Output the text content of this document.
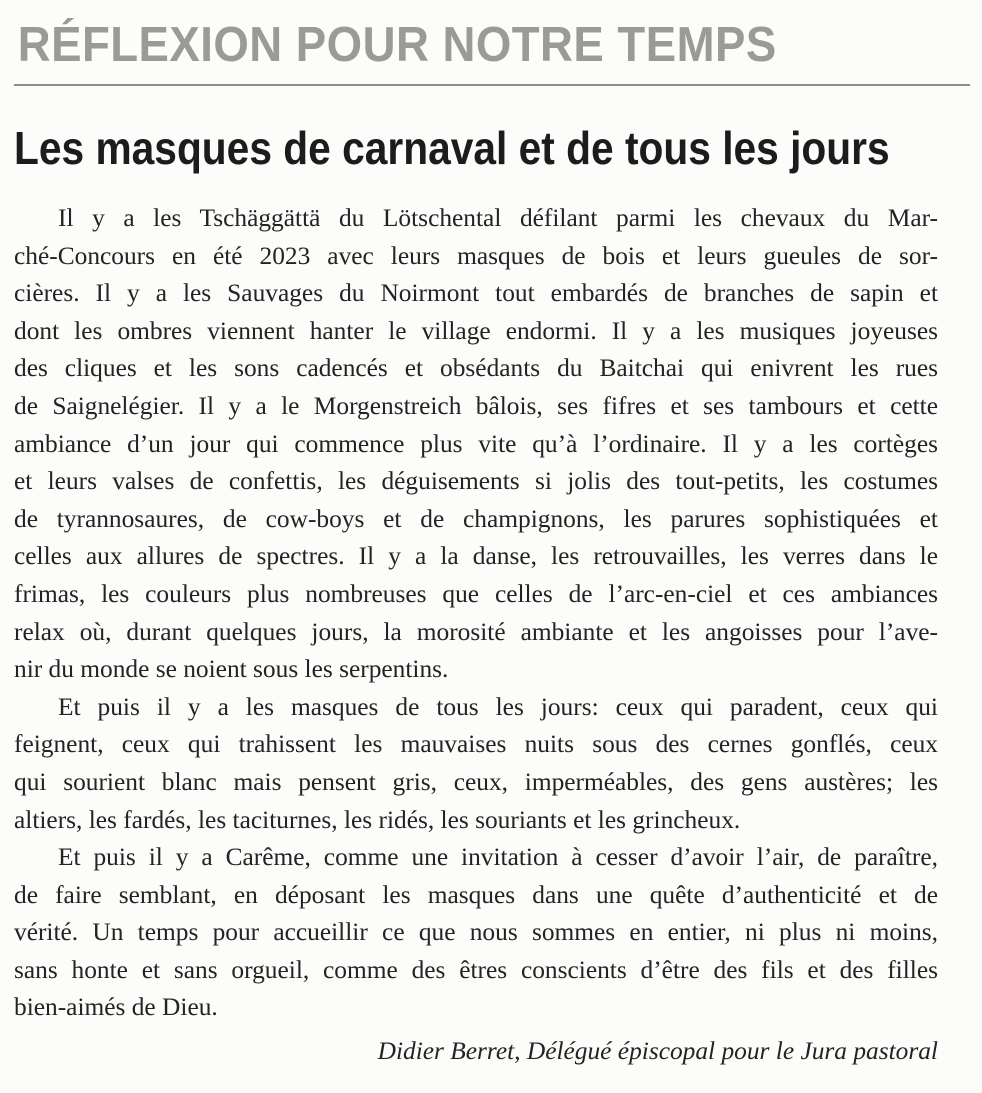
RÉFLEXION POUR NOTRE TEMPS
Les masques de carnaval et de tous les jours
Il y a les Tschäggättä du Lötschental défilant parmi les chevaux du Mar-
ché-Concours en été 2023 avec leurs masques de bois et leurs gueules de sor-
cières. Il y a les Sauvages du Noirmont tout embardés de branches de sapin et
dont les ombres viennent hanter le village endormi. Il y a les musiques joyeuses
des cliques et les sons cadencés et obsédants du Baitchai qui enivrent les rues
de Saignelégier. Il y a le Morgenstreich bâlois, ses fifres et ses tambours et cette
ambiance d’un jour qui commence plus vite qu’à l’ordinaire. Il y a les cortèges
et leurs valses de confettis, les déguisements si jolis des tout-petits, les costumes
de tyrannosaures, de cow-boys et de champignons, les parures sophistiquées et
celles aux allures de spectres. Il y a la danse, les retrouvailles, les verres dans le
frimas, les couleurs plus nombreuses que celles de l’arc-en-ciel et ces ambiances
relax où, durant quelques jours, la morosité ambiante et les angoisses pour l’ave-
nir du monde se noient sous les serpentins.
Et puis il y a les masques de tous les jours: ceux qui paradent, ceux qui
feignent, ceux qui trahissent les mauvaises nuits sous des cernes gonflés, ceux
qui sourient blanc mais pensent gris, ceux, imperméables, des gens austères; les
altiers, les fardés, les taciturnes, les ridés, les souriants et les grincheux.
Et puis il y a Carême, comme une invitation à cesser d’avoir l’air, de paraître,
de faire semblant, en déposant les masques dans une quête d’authenticité et de
vérité. Un temps pour accueillir ce que nous sommes en entier, ni plus ni moins,
sans honte et sans orgueil, comme des êtres conscients d’être des fils et des filles
bien-aimés de Dieu.
Didier Berret, Délégué épiscopal pour le Jura pastoral
